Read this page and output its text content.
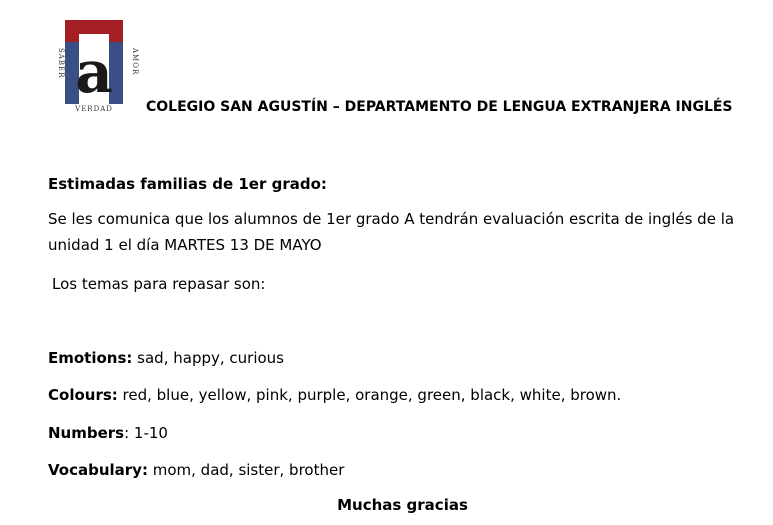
a
SABER	AMOR
VERDAD COLEGIO SAN AGUSTÍN – DEPARTAMENTO DE LENGUA EXTRANJERA INGLÉS
Estimadas familias de 1er grado:
Se les comunica que los alumnos de 1er grado A tendrán evaluación escrita de inglés de la unidad 1 el día MARTES 13 DE MAYO
Los temas para repasar son:
Emotions: sad, happy, curious
Colours: red, blue, yellow, pink, purple, orange, green, black, white, brown.
Numbers: 1-10
Vocabulary: mom, dad, sister, brother
Muchas gracias
